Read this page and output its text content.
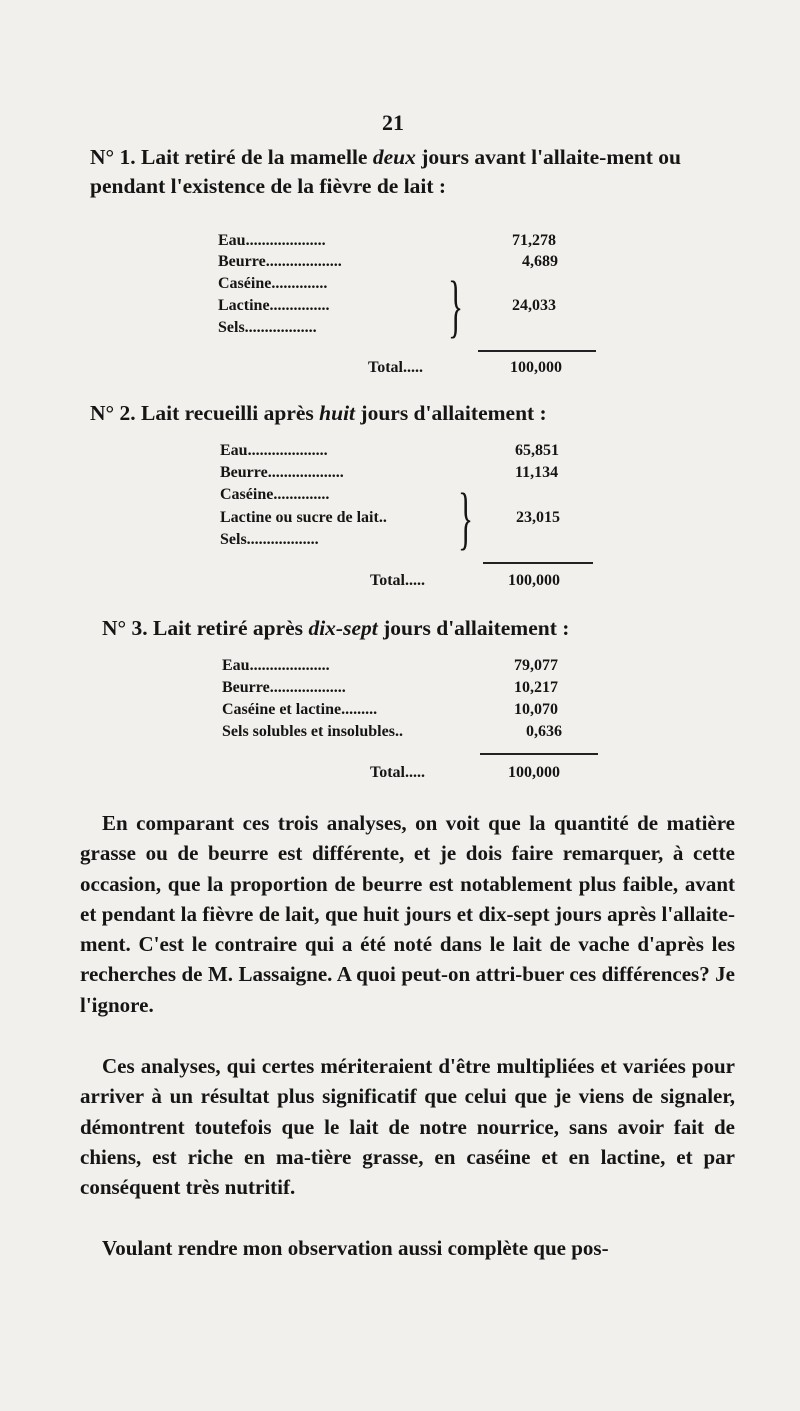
21
N° 1. Lait retiré de la mamelle deux jours avant l'allaite-ment ou pendant l'existence de la fièvre de lait :
Eau....................	71,278
Beurre...................	4,689
Caséine..............
Lactine...............	24,033
Sels.................. }
Total.....	100,000
N° 2. Lait recueilli après huit jours d'allaitement :
Eau....................	65,851
Beurre...................	11,134
Caséine..............
Lactine ou sucre de lait..	23,015
Sels.................. }
Total.....	100,000
N° 3. Lait retiré après dix-sept jours d'allaitement :
Eau....................	79,077
Beurre...................	10,217
Caséine et lactine.........	10,070
Sels solubles et insolubles..	0,636
Total.....	100,000
En comparant ces trois analyses, on voit que la quantité de matière grasse ou de beurre est différente, et je dois faire remarquer, à cette occasion, que la proportion de beurre est notablement plus faible, avant et pendant la fièvre de lait, que huit jours et dix-sept jours après l'allaite-ment. C'est le contraire qui a été noté dans le lait de vache d'après les recherches de M. Lassaigne. A quoi peut-on attri-buer ces différences? Je l'ignore.
Ces analyses, qui certes mériteraient d'être multipliées et variées pour arriver à un résultat plus significatif que celui que je viens de signaler, démontrent toutefois que le lait de notre nourrice, sans avoir fait de chiens, est riche en ma-tière grasse, en caséine et en lactine, et par conséquent très nutritif.
Voulant rendre mon observation aussi complète que pos-
